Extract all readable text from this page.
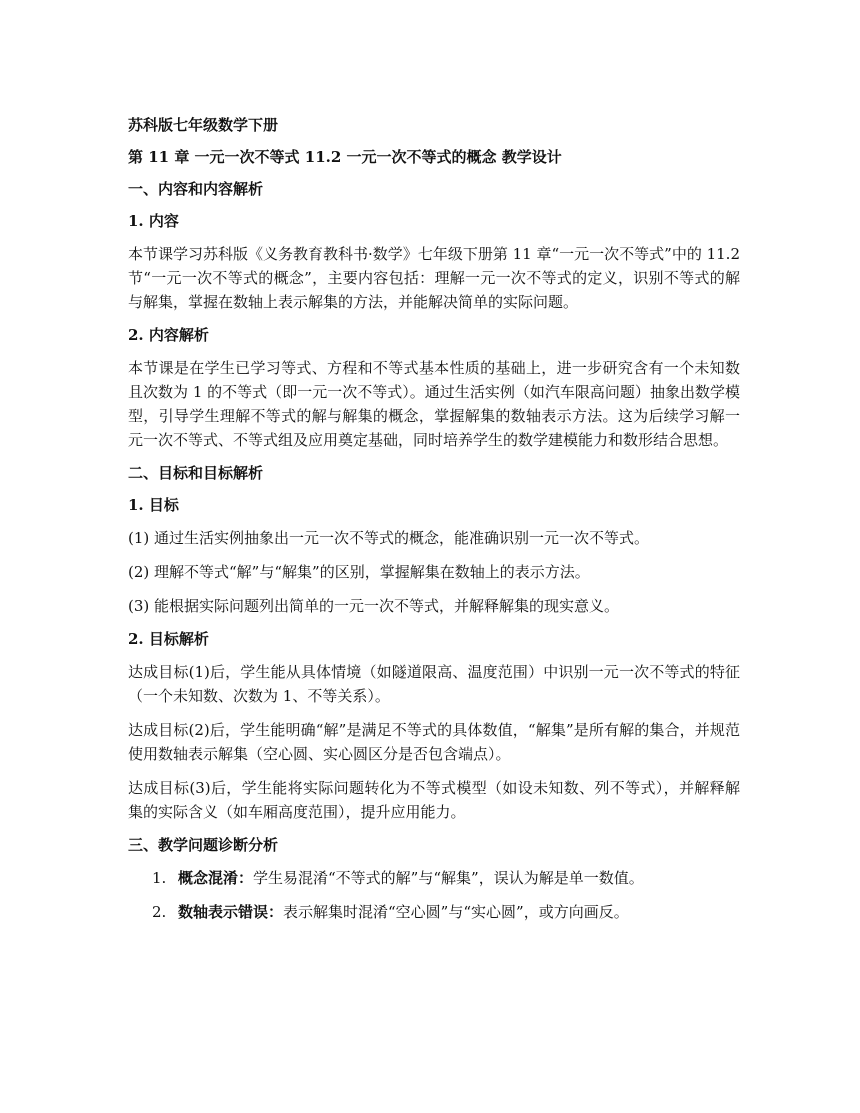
苏科版七年级数学下册
第 11 章 一元一次不等式 11.2 一元一次不等式的概念 教学设计
一、内容和内容解析
1. 内容
本节课学习苏科版《义务教育教科书·数学》七年级下册第 11 章“一元一次不等式”中的 11.2 节“一元一次不等式的概念”，主要内容包括：理解一元一次不等式的定义，识别不等式的解与解集，掌握在数轴上表示解集的方法，并能解决简单的实际问题。
2. 内容解析
本节课是在学生已学习等式、方程和不等式基本性质的基础上，进一步研究含有一个未知数且次数为 1 的不等式（即一元一次不等式）。通过生活实例（如汽车限高问题）抽象出数学模型，引导学生理解不等式的解与解集的概念，掌握解集的数轴表示方法。这为后续学习解一元一次不等式、不等式组及应用奠定基础，同时培养学生的数学建模能力和数形结合思想。
二、目标和目标解析
1. 目标
(1) 通过生活实例抽象出一元一次不等式的概念，能准确识别一元一次不等式。
(2) 理解不等式“解”与“解集”的区别，掌握解集在数轴上的表示方法。
(3) 能根据实际问题列出简单的一元一次不等式，并解释解集的现实意义。
2. 目标解析
达成目标(1)后，学生能从具体情境（如隧道限高、温度范围）中识别一元一次不等式的特征（一个未知数、次数为 1、不等关系）。
达成目标(2)后，学生能明确“解”是满足不等式的具体数值，“解集”是所有解的集合，并规范使用数轴表示解集（空心圆、实心圆区分是否包含端点）。
达成目标(3)后，学生能将实际问题转化为不等式模型（如设未知数、列不等式），并解释解集的实际含义（如车厢高度范围），提升应用能力。
三、教学问题诊断分析
1. 概念混淆：学生易混淆“不等式的解”与“解集”，误认为解是单一数值。
2. 数轴表示错误：表示解集时混淆“空心圆”与“实心圆”，或方向画反。
